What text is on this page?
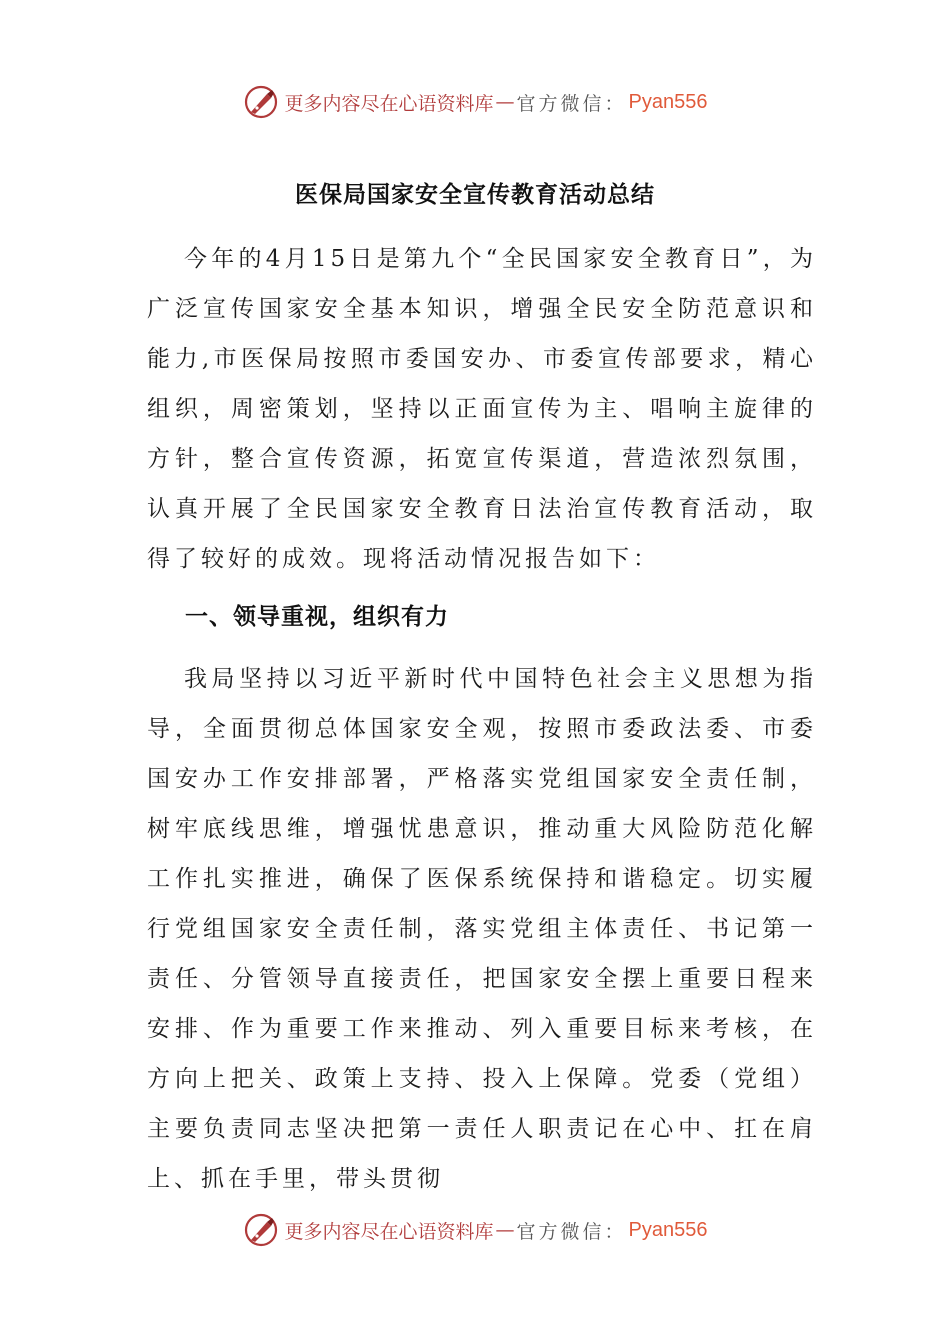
更多内容尽在心语资料库 — 官方微信： Pyan556
医保局国家安全宣传教育活动总结

今年的4月15日是第九个“全民国家安全教育日”，为广泛宣传国家安全基本知识，增强全民安全防范意识和能力,市医保局按照市委国安办、市委宣传部要求，精心组织，周密策划，坚持以正面宣传为主、唱响主旋律的方针，整合宣传资源，拓宽宣传渠道，营造浓烈氛围，认真开展了全民国家安全教育日法治宣传教育活动，取得了较好的成效。现将活动情况报告如下：

一、领导重视，组织有力

我局坚持以习近平新时代中国特色社会主义思想为指导，全面贯彻总体国家安全观，按照市委政法委、市委国安办工作安排部署，严格落实党组国家安全责任制，树牢底线思维，增强忧患意识，推动重大风险防范化解工作扎实推进，确保了医保系统保持和谐稳定。切实履行党组国家安全责任制，落实党组主体责任、书记第一责任、分管领导直接责任，把国家安全摆上重要日程来安排、作为重要工作来推动、列入重要目标来考核，在方向上把关、政策上支持、投入上保障。党委（党组）主要负责同志坚决把第一责任人职责记在心中、扛在肩上、抓在手里，带头贯彻

更多内容尽在心语资料库 — 官方微信： Pyan556
